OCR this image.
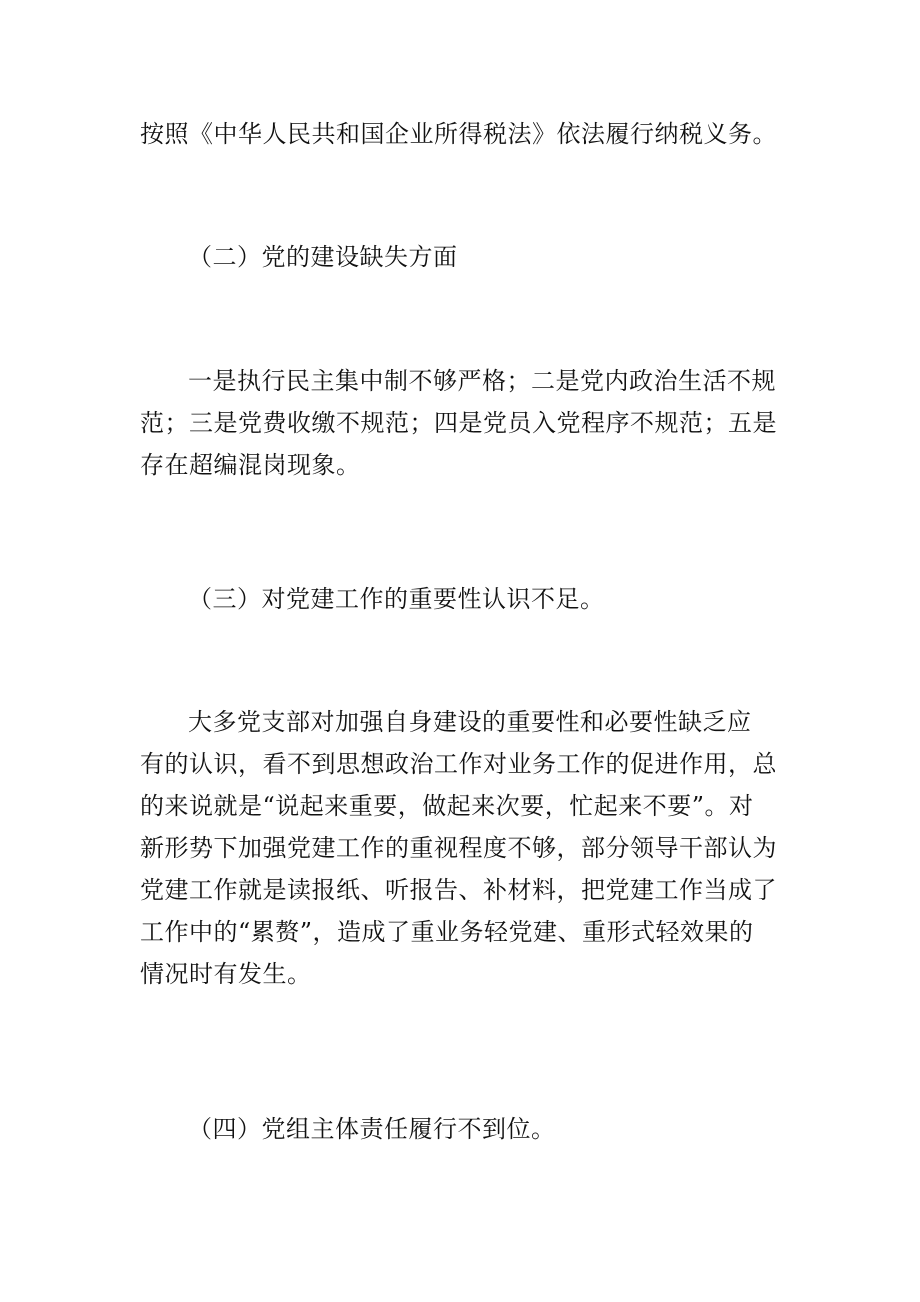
按照《中华人民共和国企业所得税法》依法履行纳税义务。

（二）党的建设缺失方面

一是执行民主集中制不够严格；二是党内政治生活不规
范；三是党费收缴不规范；四是党员入党程序不规范；五是
存在超编混岗现象。

（三）对党建工作的重要性认识不足。

大多党支部对加强自身建设的重要性和必要性缺乏应
有的认识，看不到思想政治工作对业务工作的促进作用，总
的来说就是“说起来重要，做起来次要，忙起来不要”。对
新形势下加强党建工作的重视程度不够，部分领导干部认为
党建工作就是读报纸、听报告、补材料，把党建工作当成了
工作中的“累赘”，造成了重业务轻党建、重形式轻效果的
情况时有发生。

（四）党组主体责任履行不到位。
